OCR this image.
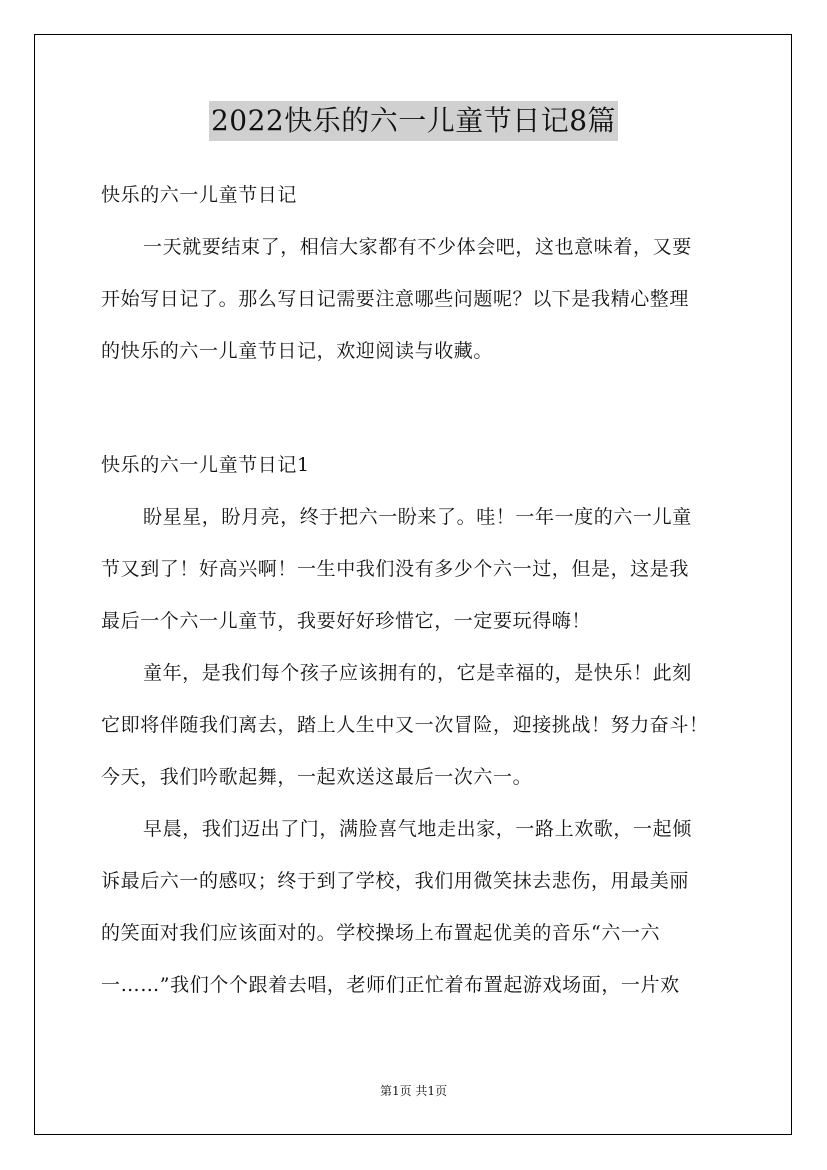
2022快乐的六一儿童节日记8篇
快乐的六一儿童节日记
一天就要结束了，相信大家都有不少体会吧，这也意味着，又要
开始写日记了。那么写日记需要注意哪些问题呢？以下是我精心整理
的快乐的六一儿童节日记，欢迎阅读与收藏。
快乐的六一儿童节日记1
盼星星，盼月亮，终于把六一盼来了。哇！一年一度的六一儿童
节又到了！好高兴啊！一生中我们没有多少个六一过，但是，这是我
最后一个六一儿童节，我要好好珍惜它，一定要玩得嗨！
童年，是我们每个孩子应该拥有的，它是幸福的，是快乐！此刻
它即将伴随我们离去，踏上人生中又一次冒险，迎接挑战！努力奋斗！
今天，我们吟歌起舞，一起欢送这最后一次六一。
早晨，我们迈出了门，满脸喜气地走出家，一路上欢歌，一起倾
诉最后六一的感叹；终于到了学校，我们用微笑抹去悲伤，用最美丽
的笑面对我们应该面对的。学校操场上布置起优美的音乐“六一六
一……”我们个个跟着去唱，老师们正忙着布置起游戏场面，一片欢
第1页 共1页
